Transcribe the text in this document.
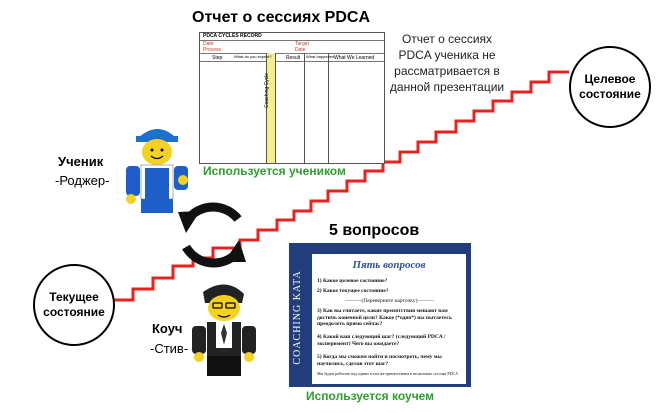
Отчет о сессиях PDCA
Отчет о сессиях PDCA ученика не рассматривается в данной презентации
PDCA CYCLES RECORD
Date
Process
Target
Date
Step	What do you expect?	Result What happened What We Learned
Coaching Cycle
Используется учеником
Целевое
состояние
Текущее
состояние
Ученик
-Роджер-
Коуч
-Стив-
5 вопросов
COACHING KATA
Пять вопросов
1) Какое целевое состояние?
2) Какое текущее состояние?
———(Переверните карточку)———
3) Как вы считаете, какие препятствия мешают вам достичь конечной цели? Какое (*одно*) вы пытаетесь преодолеть прямо сейчас?
4) Какой ваш следующий шаг? (следующий PDCA / эксперимент) Чего вы ожидаете?
5) Когда мы сможем пойти и посмотреть, чему мы научились, сделав этот шаг?
Мы будем работать над одним и тем же препятствием в нескольких сессиях PDCA
Используется коучем
